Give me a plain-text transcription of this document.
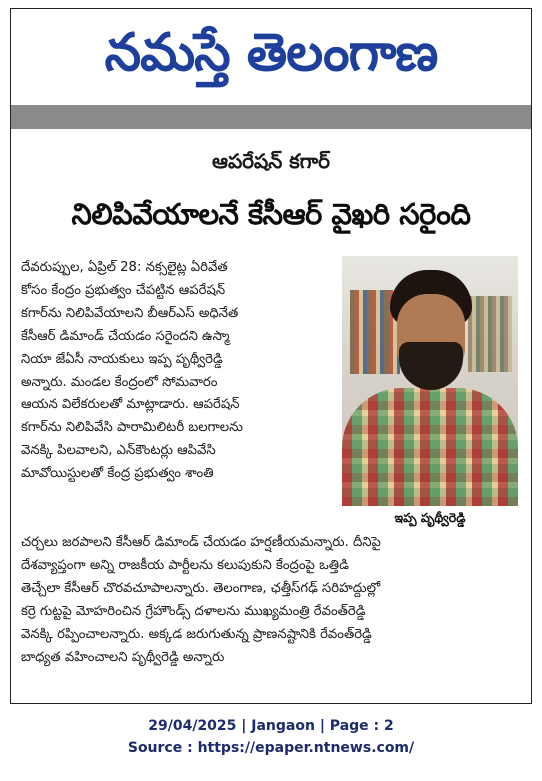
నమస్తే తెలంగాణ
ఆపరేషన్ కగార్
నిలిపివేయాలనే కేసీఆర్ వైఖరి సరైంది
దేవరుప్పుల, ఏప్రిల్ 28: నక్సలైట్ల ఏరివేత
కోసం కేంద్రం ప్రభుత్వం చేపట్టిన ఆపరేషన్
కగార్‌ను నిలిపివేయాలని బీఆర్‌ఎస్ అధినేత
కేసీఆర్ డిమాండ్ చేయడం సరైందని ఉస్మా
నియా జేఏసీ నాయకులు ఇప్ప పృథ్వీరెడ్డి
అన్నారు. మండల కేంద్రంలో సోమవారం
ఆయన విలేకరులతో మాట్లాడారు. ఆపరేషన్
కగార్‌ను నిలిపివేసి పారామిలిటరీ బలగాలను
వెనక్కి పిలవాలని, ఎన్‌కౌంటర్లు ఆపివేసి
మావోయిస్టులతో కేంద్ర ప్రభుత్వం శాంతి
ఇప్ప పృథ్వీరెడ్డి
చర్చలు జరపాలని కేసీఆర్ డిమాండ్ చేయడం హర్షణీయమన్నారు. దీనిపై
దేశవ్యాప్తంగా అన్ని రాజకీయ పార్టీలను కలుపుకుని కేంద్రంపై ఒత్తిడి
తెచ్చేలా కేసీఆర్ చొరవచూపాలన్నారు. తెలంగాణ, ఛత్తీస్‌గఢ్ సరిహద్దుల్లో
కర్రె గుట్టపై మోహరించిన గ్రేహౌండ్స్ దళాలను ముఖ్యమంత్రి రేవంత్‌రెడ్డి
వెనక్కి రప్పించాలన్నారు. అక్కడ జరుగుతున్న ప్రాణనష్టానికి రేవంత్‌రెడ్డి
బాధ్యత వహించాలని పృథ్వీరెడ్డి అన్నారు
29/04/2025 | Jangaon | Page : 2
Source : https://epaper.ntnews.com/
